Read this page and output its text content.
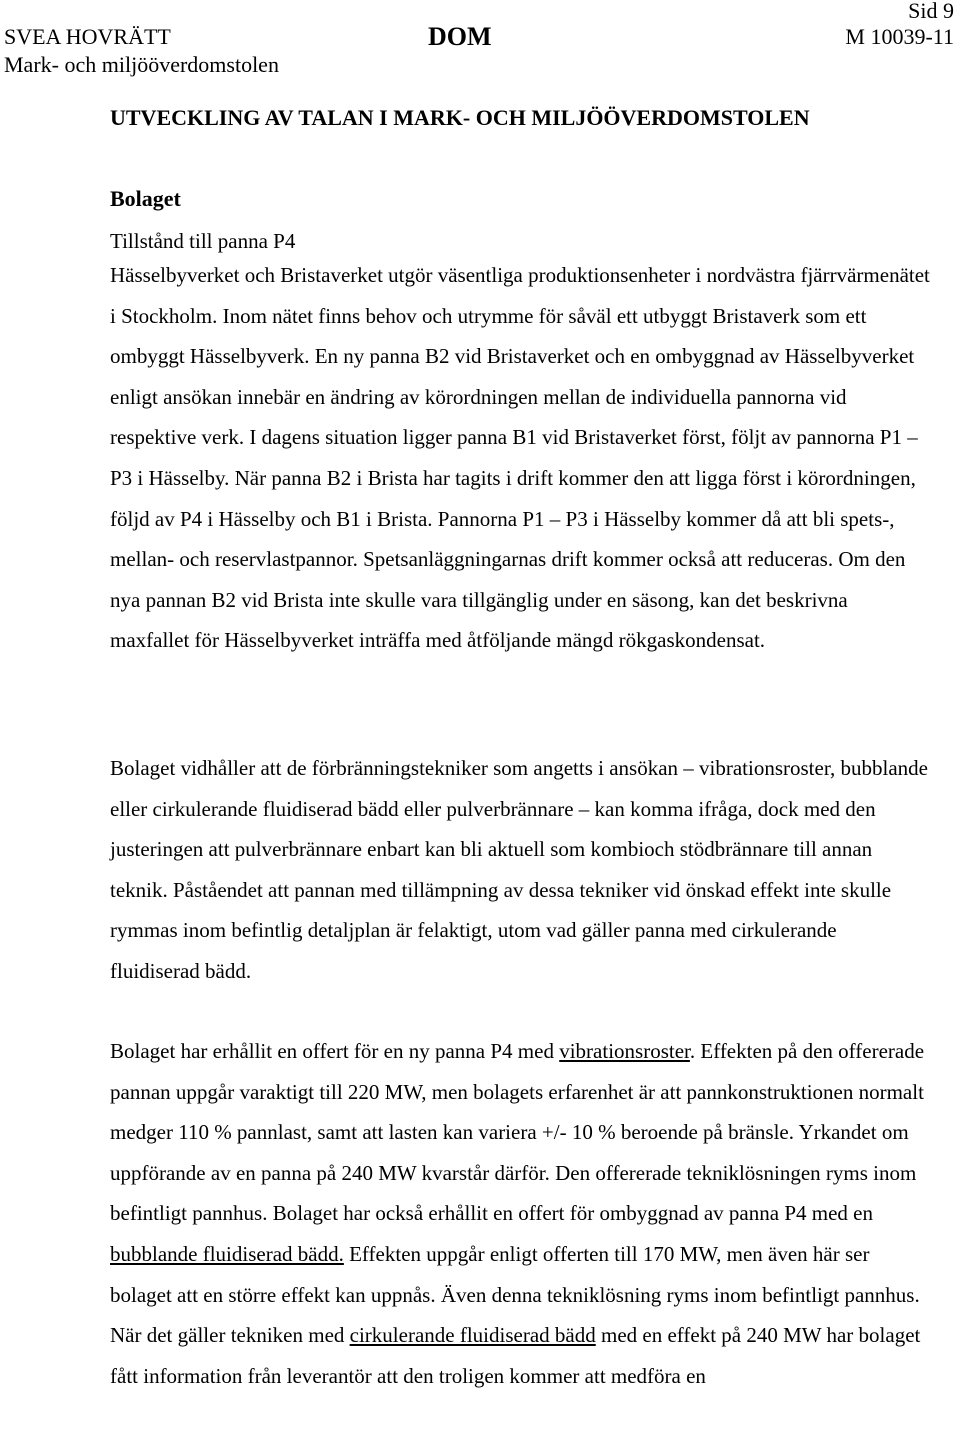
SVEA HOVRÄTT
Mark- och miljööverdomstolen
DOM
Sid 9
M 10039-11
UTVECKLING AV TALAN I MARK- OCH MILJÖÖVERDOMSTOLEN
Bolaget
Tillstånd till panna P4

Hässelbyverket och Bristaverket utgör väsentliga produktionsenheter i nordvästra fjärrvärmenätet i Stockholm. Inom nätet finns behov och utrymme för såväl ett utbyggt Bristaverk som ett ombyggt Hässelbyverk. En ny panna B2 vid Bristaverket och en ombyggnad av Hässelbyverket enligt ansökan innebär en ändring av körordningen mellan de individuella pannorna vid respektive verk. I dagens situation ligger panna B1 vid Bristaverket först, följt av pannorna P1 – P3 i Hässelby. När panna B2 i Brista har tagits i drift kommer den att ligga först i körordningen, följd av P4 i Hässelby och B1 i Brista. Pannorna P1 – P3 i Hässelby kommer då att bli spets-, mellan- och reservlastpannor. Spetsanläggningarnas drift kommer också att reduceras. Om den nya pannan B2 vid Brista inte skulle vara tillgänglig under en säsong, kan det beskrivna maxfallet för Hässelbyverket inträffa med åtföljande mängd rökgaskondensat.

Bolaget vidhåller att de förbränningstekniker som angetts i ansökan – vibrationsroster, bubblande eller cirkulerande fluidiserad bädd eller pulverbrännare – kan komma ifråga, dock med den justeringen att pulverbrännare enbart kan bli aktuell som kombioch stödbrännare till annan teknik. Påståendet att pannan med tillämpning av dessa tekniker vid önskad effekt inte skulle rymmas inom befintlig detaljplan är felaktigt, utom vad gäller panna med cirkulerande fluidiserad bädd.

Bolaget har erhållit en offert för en ny panna P4 med vibrationsroster. Effekten på den offererade pannan uppgår varaktigt till 220 MW, men bolagets erfarenhet är att pannkonstruktionen normalt medger 110 % pannlast, samt att lasten kan variera +/- 10 % beroende på bränsle. Yrkandet om uppförande av en panna på 240 MW kvarstår därför. Den offererade tekniklösningen ryms inom befintligt pannhus. Bolaget har också erhållit en offert för ombyggnad av panna P4 med en bubblande fluidiserad bädd. Effekten uppgår enligt offerten till 170 MW, men även här ser bolaget att en större effekt kan uppnås. Även denna tekniklösning ryms inom befintligt pannhus. När det gäller tekniken med cirkulerande fluidiserad bädd med en effekt på 240 MW har bolaget fått information från leverantör att den troligen kommer att medföra en
